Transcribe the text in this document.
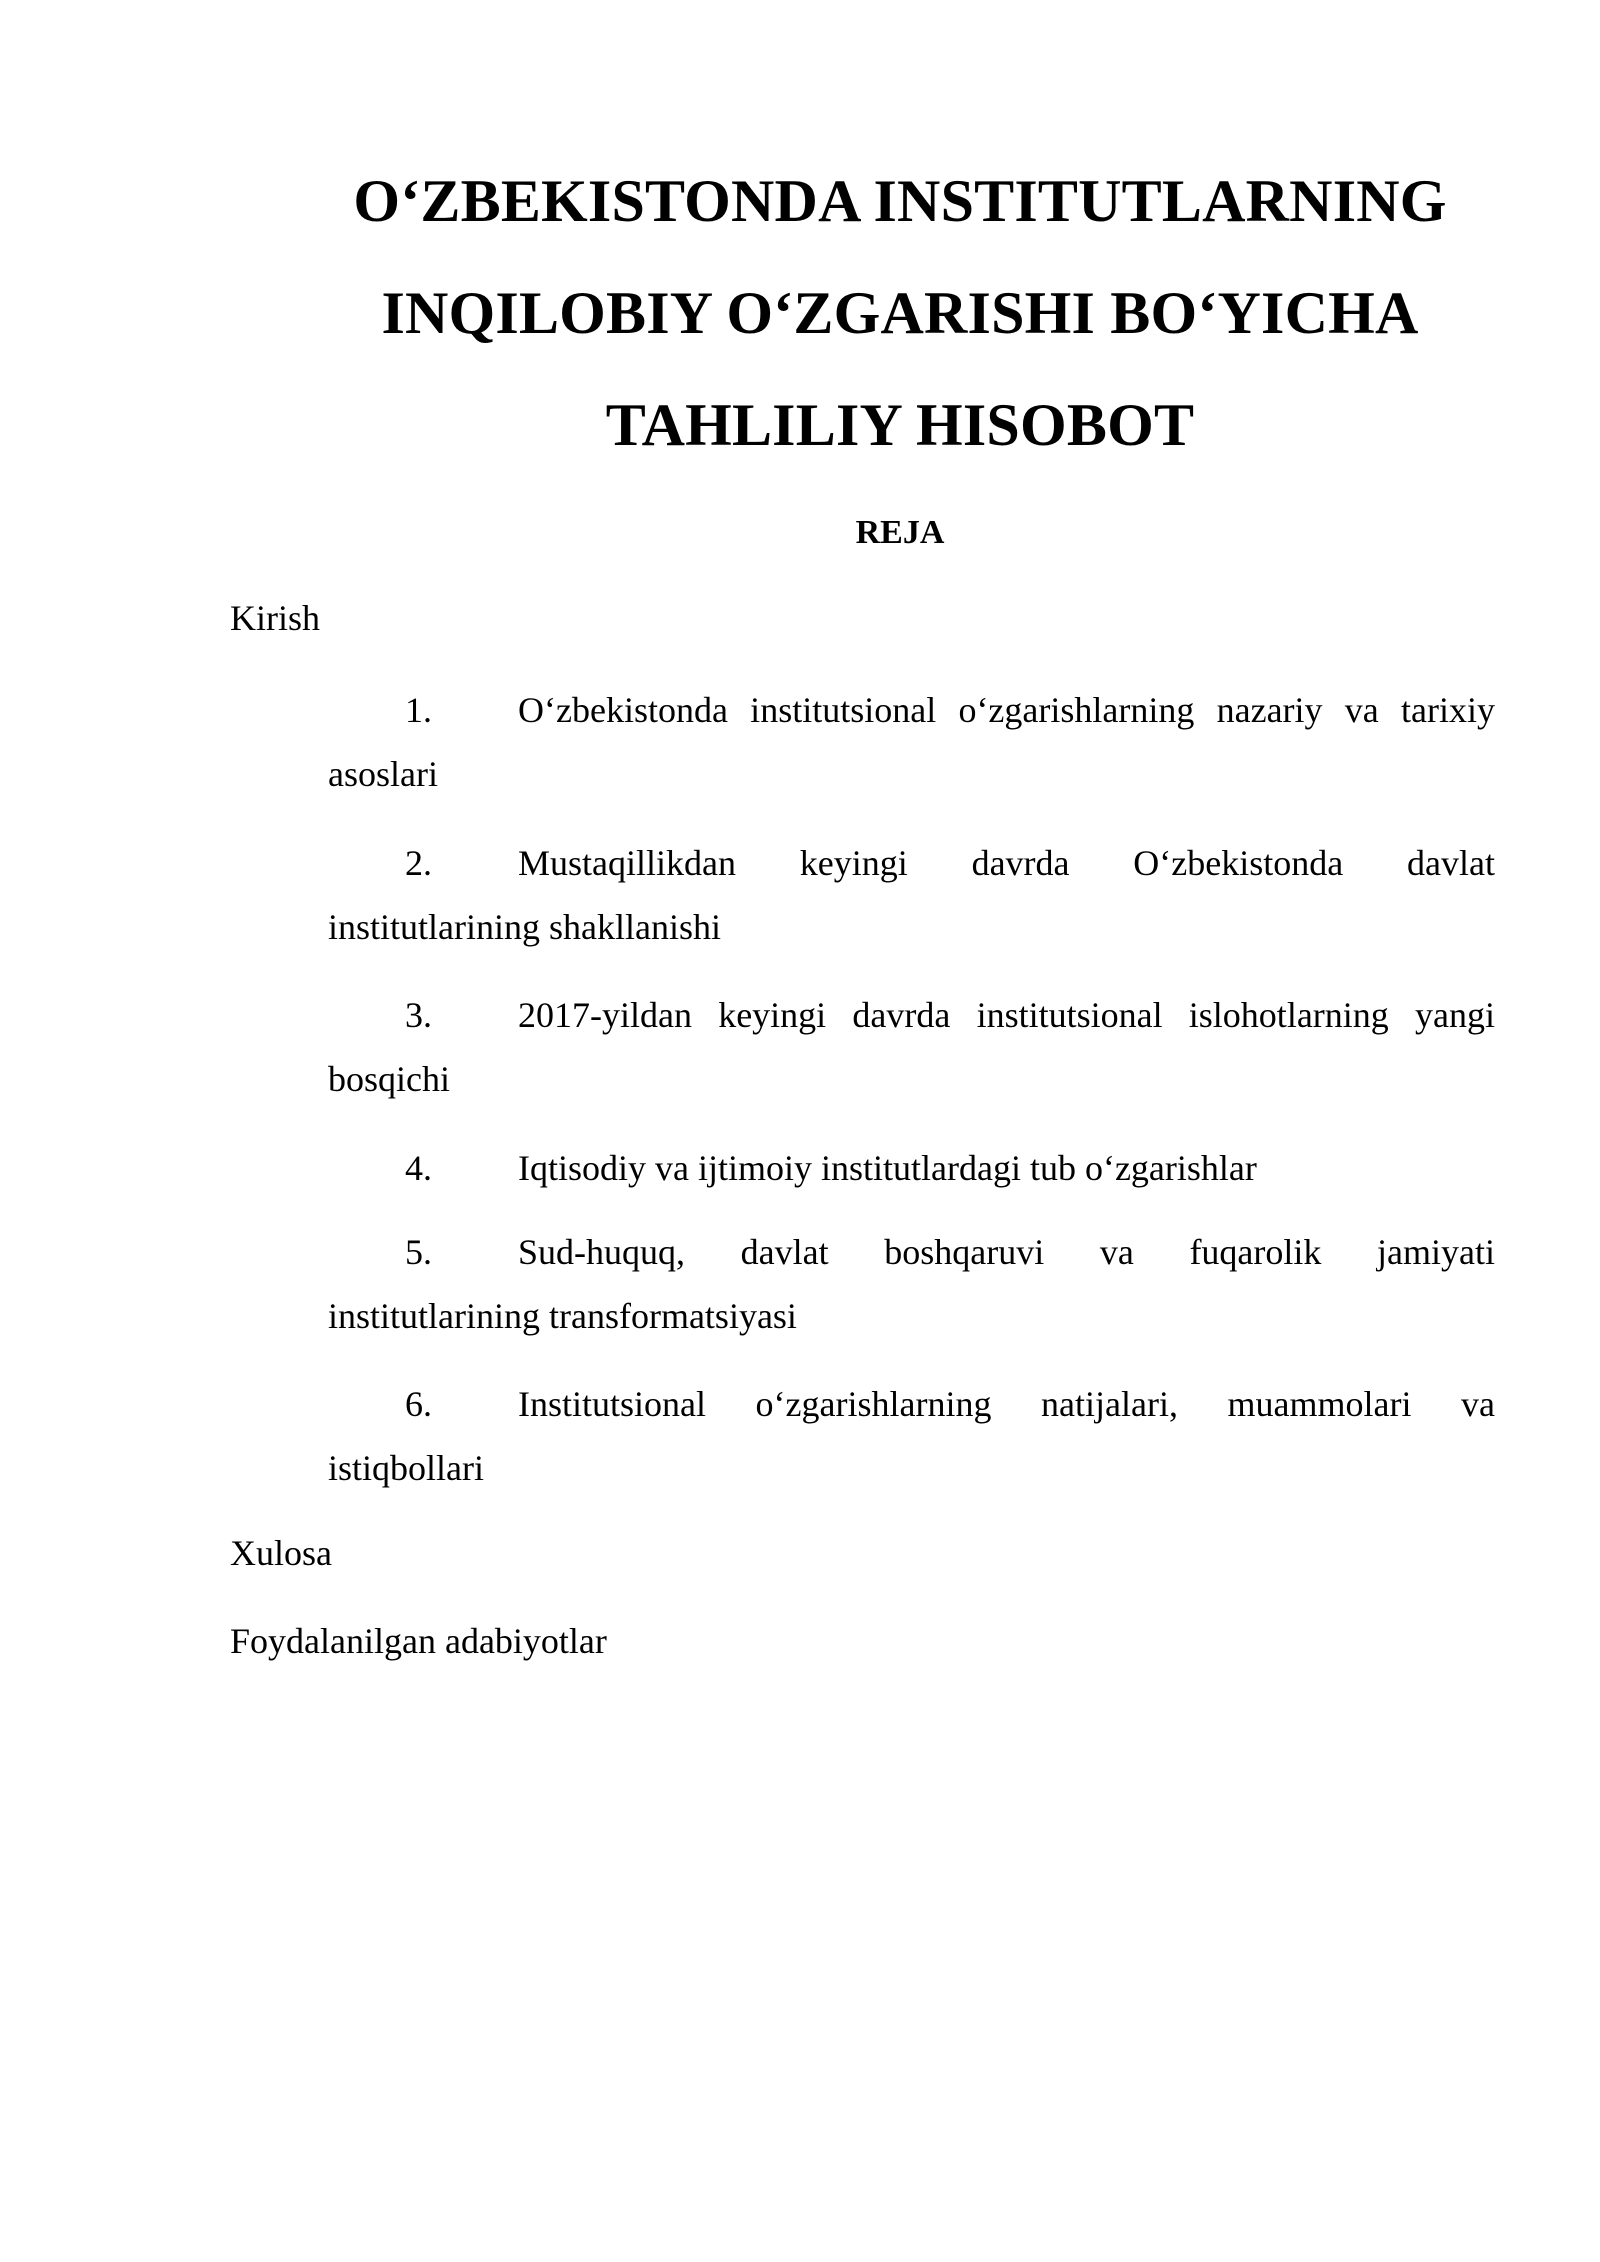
O‘ZBEKISTONDA INSTITUTLARNING
INQILOBIY O‘ZGARISHI BO‘YICHA
TAHLILIY HISOBOT

REJA

Kirish

1. O‘zbekistonda institutsional o‘zgarishlarning nazariy va tarixiy
asoslari
2. Mustaqillikdan keyingi davrda O‘zbekistonda davlat
institutlarining shakllanishi
3. 2017-yildan keyingi davrda institutsional islohotlarning yangi
bosqichi
4. Iqtisodiy va ijtimoiy institutlardagi tub o‘zgarishlar
5. Sud-huquq, davlat boshqaruvi va fuqarolik jamiyati
institutlarining transformatsiyasi
6. Institutsional o‘zgarishlarning natijalari, muammolari va
istiqbollari

Xulosa

Foydalanilgan adabiyotlar
